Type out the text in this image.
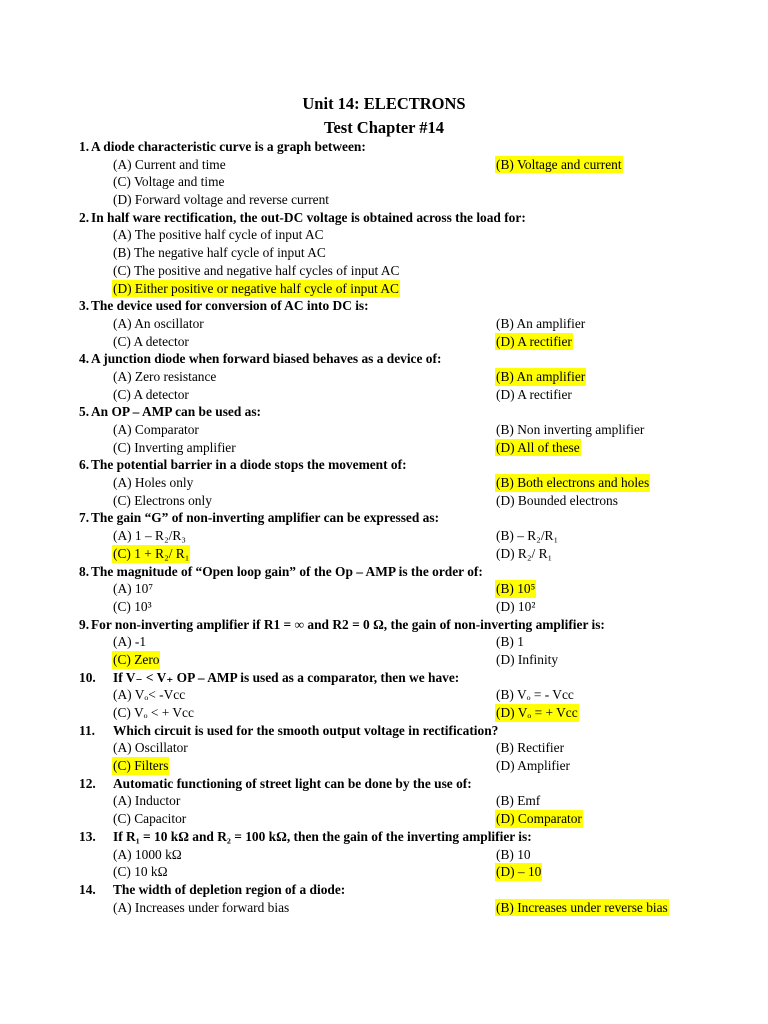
Unit 14: ELECTRONS
Test Chapter #14
1. A diode characteristic curve is a graph between:
(A) Current and time	(B) Voltage and current
(C) Voltage and time
(D) Forward voltage and reverse current
2. In half ware rectification, the out-DC voltage is obtained across the load for:
(A) The positive half cycle of input AC
(B) The negative half cycle of input AC
(C) The positive and negative half cycles of input AC
(D) Either positive or negative half cycle of input AC
3. The device used for conversion of AC into DC is:
(A) An oscillator	(B) An amplifier
(C) A detector	(D) A rectifier
4. A junction diode when forward biased behaves as a device of:
(A) Zero resistance	(B) An amplifier
(C) A detector	(D) A rectifier
5. An OP – AMP can be used as:
(A) Comparator	(B) Non inverting amplifier
(C) Inverting amplifier	(D) All of these
6. The potential barrier in a diode stops the movement of:
(A) Holes only	(B) Both electrons and holes
(C) Electrons only	(D) Bounded electrons
7. The gain “G” of non-inverting amplifier can be expressed as:
(A) 1 – R₂/R₃	(B) – R₂/R₁
(C) 1 + R₂/ R₁	(D) R₂/ R₁
8. The magnitude of “Open loop gain” of the Op – AMP is the order of:
(A) 10⁷	(B) 10⁵
(C) 10³	(D) 10²
9. For non-inverting amplifier if R1 = ∞ and R2 = 0 Ω, the gain of non-inverting amplifier is:
(A) -1	(B) 1
(C) Zero	(D) Infinity
10. If V₋ < V₊ OP – AMP is used as a comparator, then we have:
(A) Vₒ< -Vcc	(B) Vₒ = - Vcc
(C) Vₒ < + Vcc	(D) Vₒ = + Vcc
11. Which circuit is used for the smooth output voltage in rectification?
(A) Oscillator	(B) Rectifier
(C) Filters	(D) Amplifier
12. Automatic functioning of street light can be done by the use of:
(A) Inductor	(B) Emf
(C) Capacitor	(D) Comparator
13. If R₁ = 10 kΩ and R₂ = 100 kΩ, then the gain of the inverting amplifier is:
(A) 1000 kΩ	(B) 10
(C) 10 kΩ	(D) – 10
14. The width of depletion region of a diode:
(A) Increases under forward bias	(B) Increases under reverse bias
